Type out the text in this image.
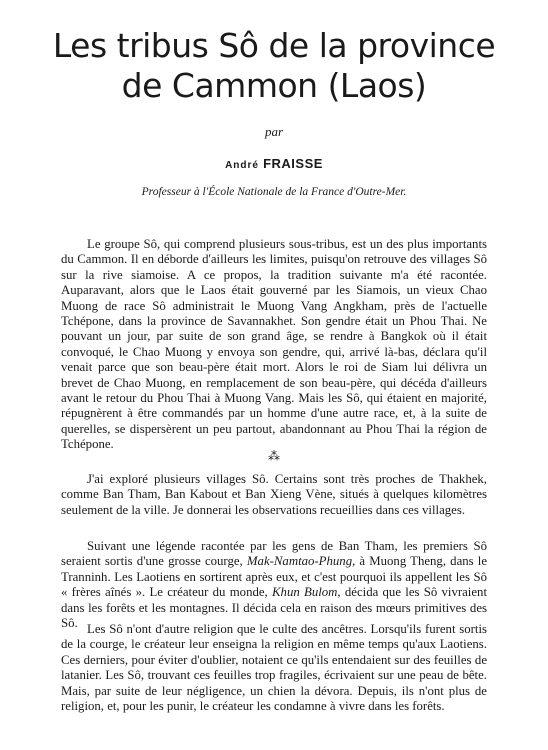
Les tribus Sô de la province
de Cammon (Laos)
par
André FRAISSE
Professeur à l'École Nationale de la France d'Outre-Mer.

Le groupe Sô, qui comprend plusieurs sous-tribus, est un des plus importants du Cammon. Il en déborde d'ailleurs les limites, puisqu'on retrouve des villages Sô sur la rive siamoise. A ce propos, la tradition suivante m'a été racontée. Auparavant, alors que le Laos était gouverné par les Siamois, un vieux Chao Muong de race Sô administrait le Muong Vang Angkham, près de l'actuelle Tchépone, dans la province de Savannakhet. Son gendre était un Phou Thai. Ne pouvant un jour, par suite de son grand âge, se rendre à Bangkok où il était convoqué, le Chao Muong y envoya son gendre, qui, arrivé là-bas, déclara qu'il venait parce que son beau-père était mort. Alors le roi de Siam lui délivra un brevet de Chao Muong, en remplacement de son beau-père, qui décéda d'ailleurs avant le retour du Phou Thai à Muong Vang. Mais les Sô, qui étaient en majorité, répugnèrent à être commandés par un homme d'une autre race, et, à la suite de querelles, se dispersèrent un peu partout, abandonnant au Phou Thai la région de Tchépone.

⁂

J'ai exploré plusieurs villages Sô. Certains sont très proches de Thakhek, comme Ban Tham, Ban Kabout et Ban Xieng Vène, situés à quelques kilomètres seulement de la ville. Je donnerai les observations recueillies dans ces villages.

Suivant une légende racontée par les gens de Ban Tham, les premiers Sô seraient sortis d'une grosse courge, Mak-Namtao-Phung, à Muong Theng, dans le Tranninh. Les Laotiens en sortirent après eux, et c'est pourquoi ils appellent les Sô « frères aînés ». Le créateur du monde, Khun Bulom, décida que les Sô vivraient dans les forêts et les montagnes. Il décida cela en raison des mœurs primitives des Sô. Les Sô n'ont d'autre religion que le culte des ancêtres. Lorsqu'ils furent sortis de la courge, le créateur leur enseigna la religion en même temps qu'aux Laotiens. Ces derniers, pour éviter d'oublier, notaient ce qu'ils entendaient sur des feuilles de latanier. Les Sô, trouvant ces feuilles trop fragiles, écrivaient sur une peau de bête. Mais, par suite de leur négligence, un chien la dévora. Depuis, ils n'ont plus de religion, et, pour les punir, le créateur les condamne à vivre dans les forêts.
